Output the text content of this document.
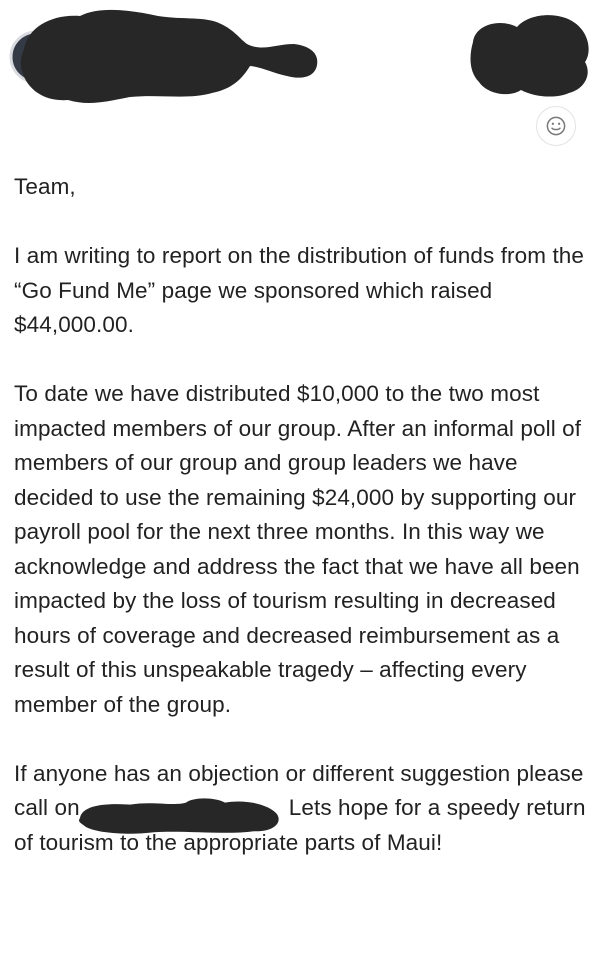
Team,

I am writing to report on the distribution of funds from the “Go Fund Me” page we sponsored which raised $44,000.00.

To date we have distributed $10,000 to the two most impacted members of our group. After an informal poll of members of our group and group leaders we have decided to use the remaining $24,000 by supporting our payroll pool for the next three months. In this way we acknowledge and address the fact that we have all been impacted by the loss of tourism resulting in decreased hours of coverage and decreased reimbursement as a result of this unspeakable tragedy – affecting every member of the group.

If anyone has an objection or different suggestion please call on	Lets hope for a speedy return of tourism to the appropriate parts of Maui!
